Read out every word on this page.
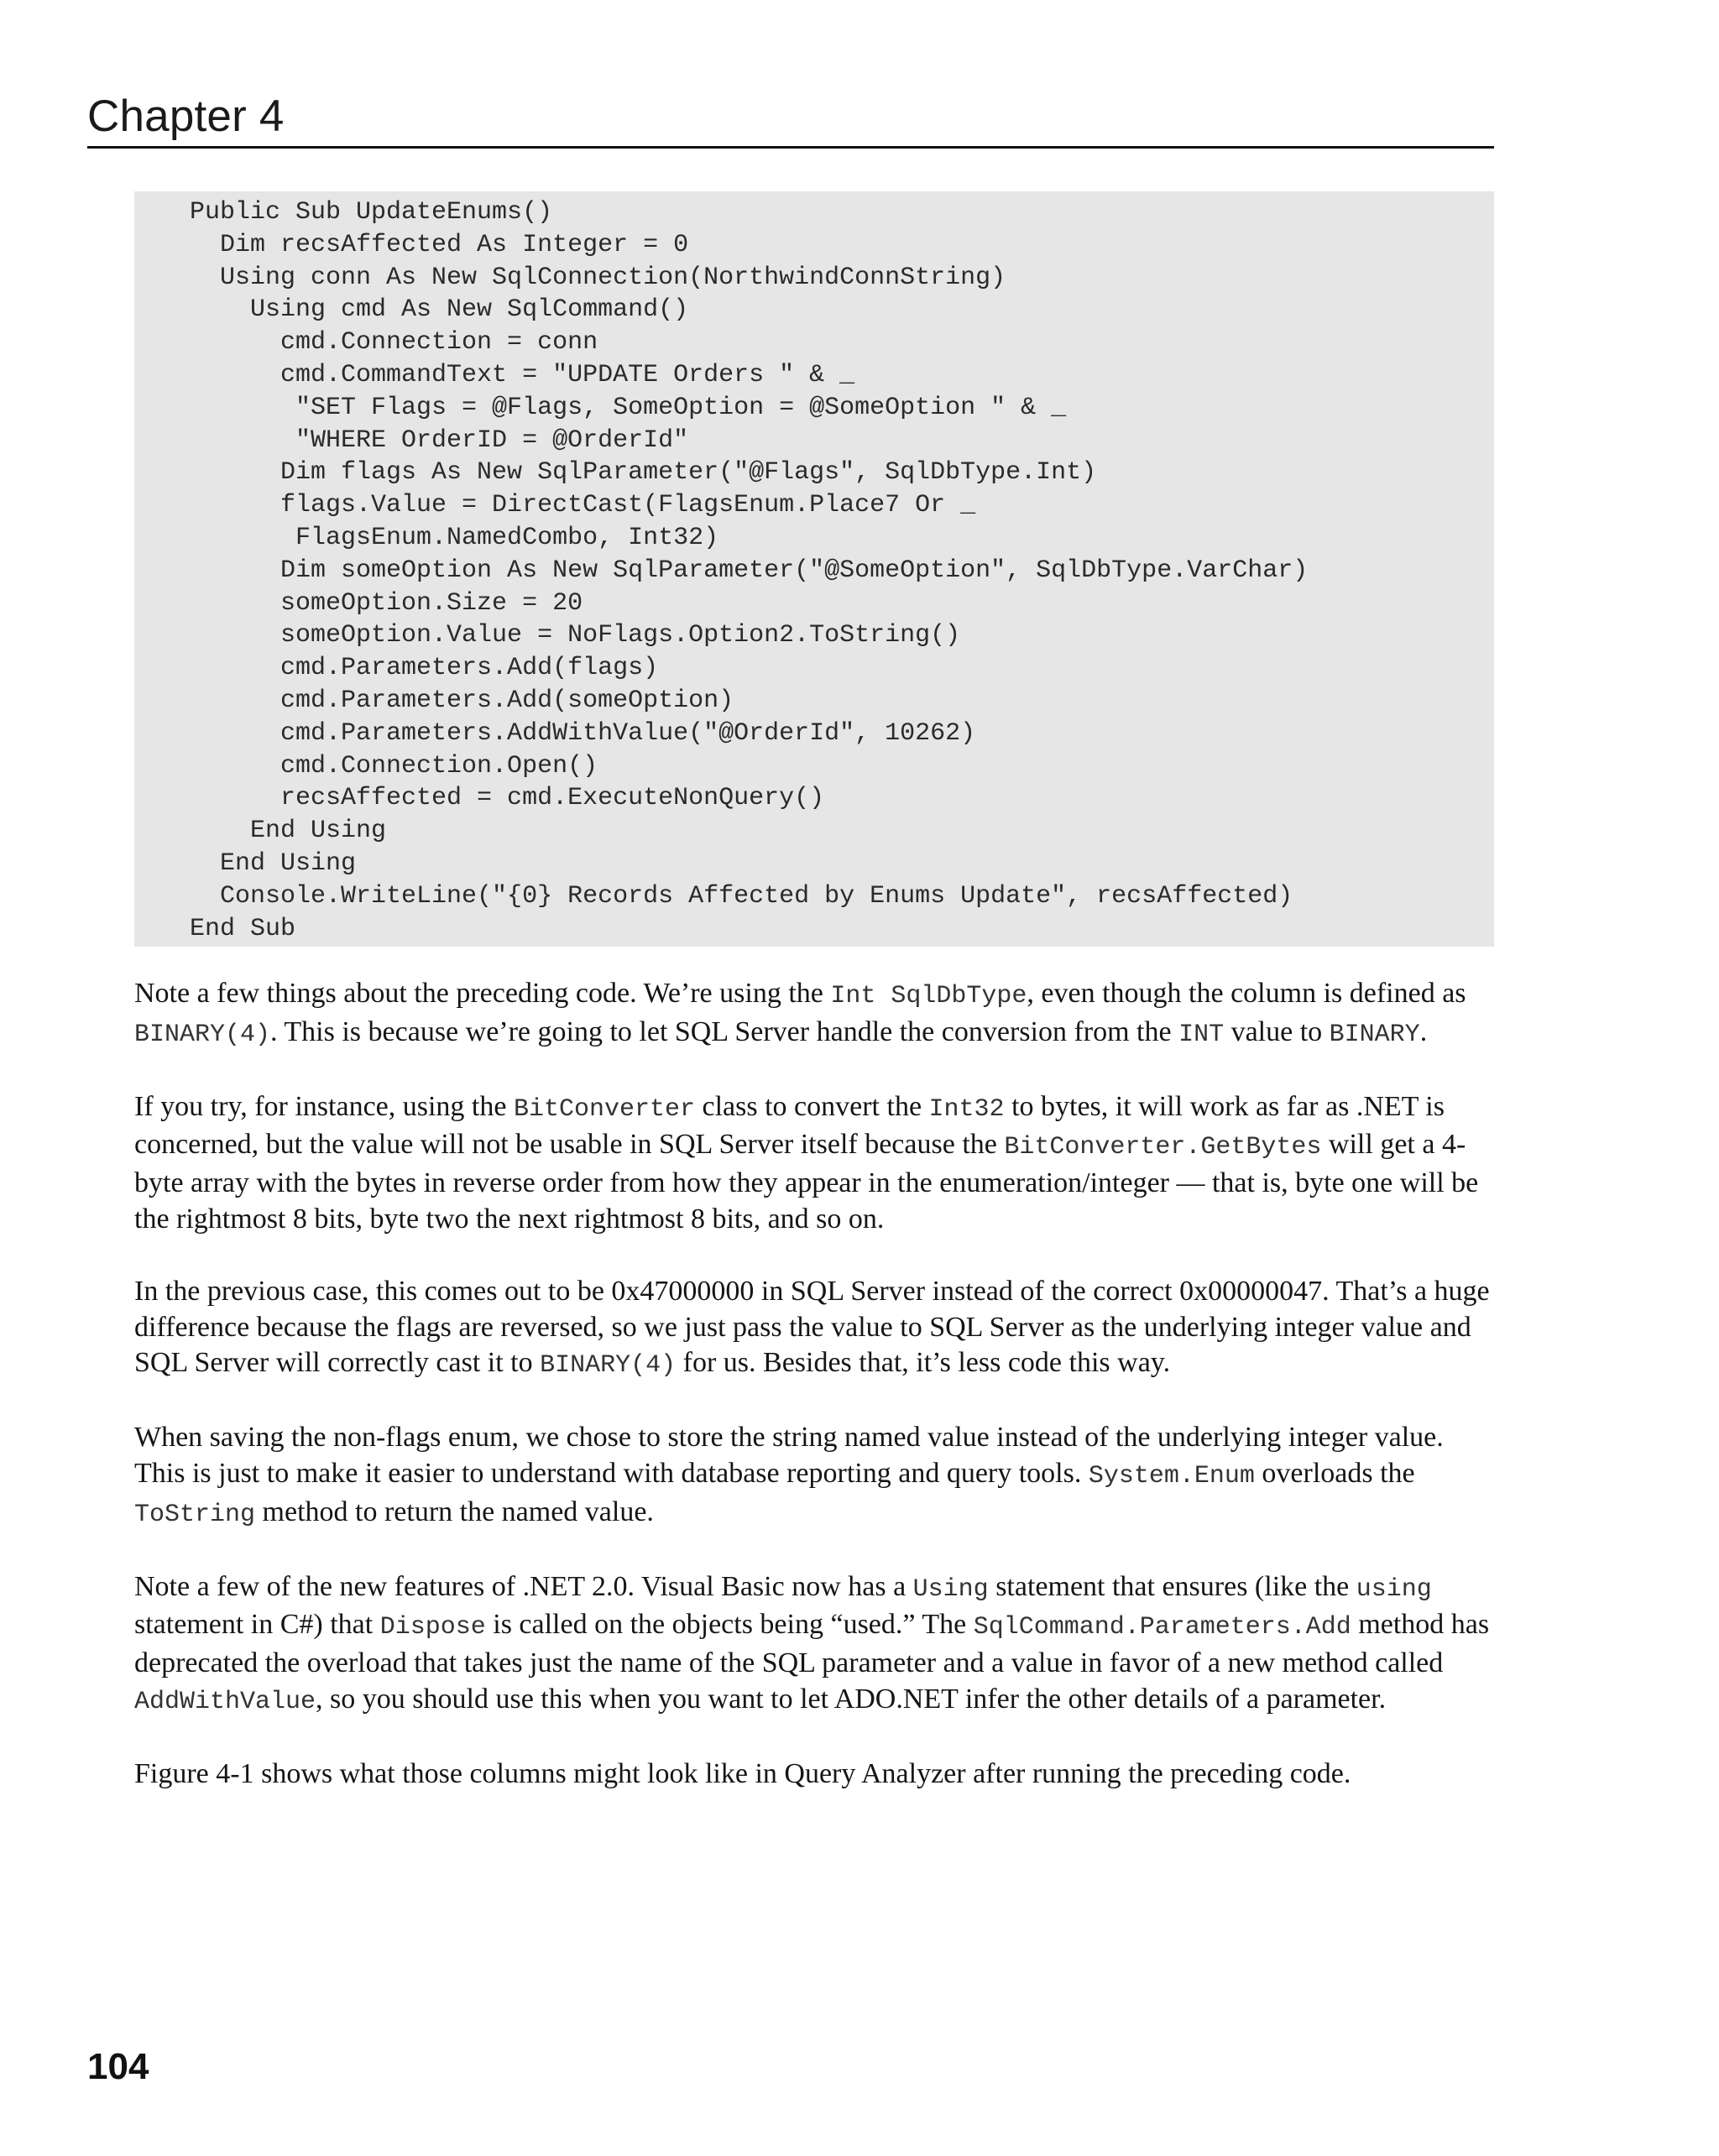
Chapter 4
Public Sub UpdateEnums()
Dim recsAffected As Integer = 0
Using conn As New SqlConnection(NorthwindConnString)
Using cmd As New SqlCommand()
cmd.Connection = conn
cmd.CommandText = "UPDATE Orders " & _
"SET Flags = @Flags, SomeOption = @SomeOption " & _
"WHERE OrderID = @OrderId"
Dim flags As New SqlParameter("@Flags", SqlDbType.Int)
flags.Value = DirectCast(FlagsEnum.Place7 Or _
FlagsEnum.NamedCombo, Int32)
Dim someOption As New SqlParameter("@SomeOption", SqlDbType.VarChar)
someOption.Size = 20
someOption.Value = NoFlags.Option2.ToString()
cmd.Parameters.Add(flags)
cmd.Parameters.Add(someOption)
cmd.Parameters.AddWithValue("@OrderId", 10262)
cmd.Connection.Open()
recsAffected = cmd.ExecuteNonQuery()
End Using
End Using
Console.WriteLine("{0} Records Affected by Enums Update", recsAffected)
End Sub

Note a few things about the preceding code. We’re using the Int SqlDbType, even though the column is defined as BINARY(4). This is because we’re going to let SQL Server handle the conversion from the INT value to BINARY.

If you try, for instance, using the BitConverter class to convert the Int32 to bytes, it will work as far as .NET is concerned, but the value will not be usable in SQL Server itself because the BitConverter.GetBytes will get a 4-byte array with the bytes in reverse order from how they appear in the enumeration/integer — that is, byte one will be the rightmost 8 bits, byte two the next rightmost 8 bits, and so on.

In the previous case, this comes out to be 0x47000000 in SQL Server instead of the correct 0x00000047. That’s a huge difference because the flags are reversed, so we just pass the value to SQL Server as the underlying integer value and SQL Server will correctly cast it to BINARY(4) for us. Besides that, it’s less code this way.

When saving the non-flags enum, we chose to store the string named value instead of the underlying integer value. This is just to make it easier to understand with database reporting and query tools. System.Enum overloads the ToString method to return the named value.

Note a few of the new features of .NET 2.0. Visual Basic now has a Using statement that ensures (like the using statement in C#) that Dispose is called on the objects being “used.” The SqlCommand.Parameters.Add method has deprecated the overload that takes just the name of the SQL parameter and a value in favor of a new method called AddWithValue, so you should use this when you want to let ADO.NET infer the other details of a parameter.

Figure 4-1 shows what those columns might look like in Query Analyzer after running the preceding code.

104
